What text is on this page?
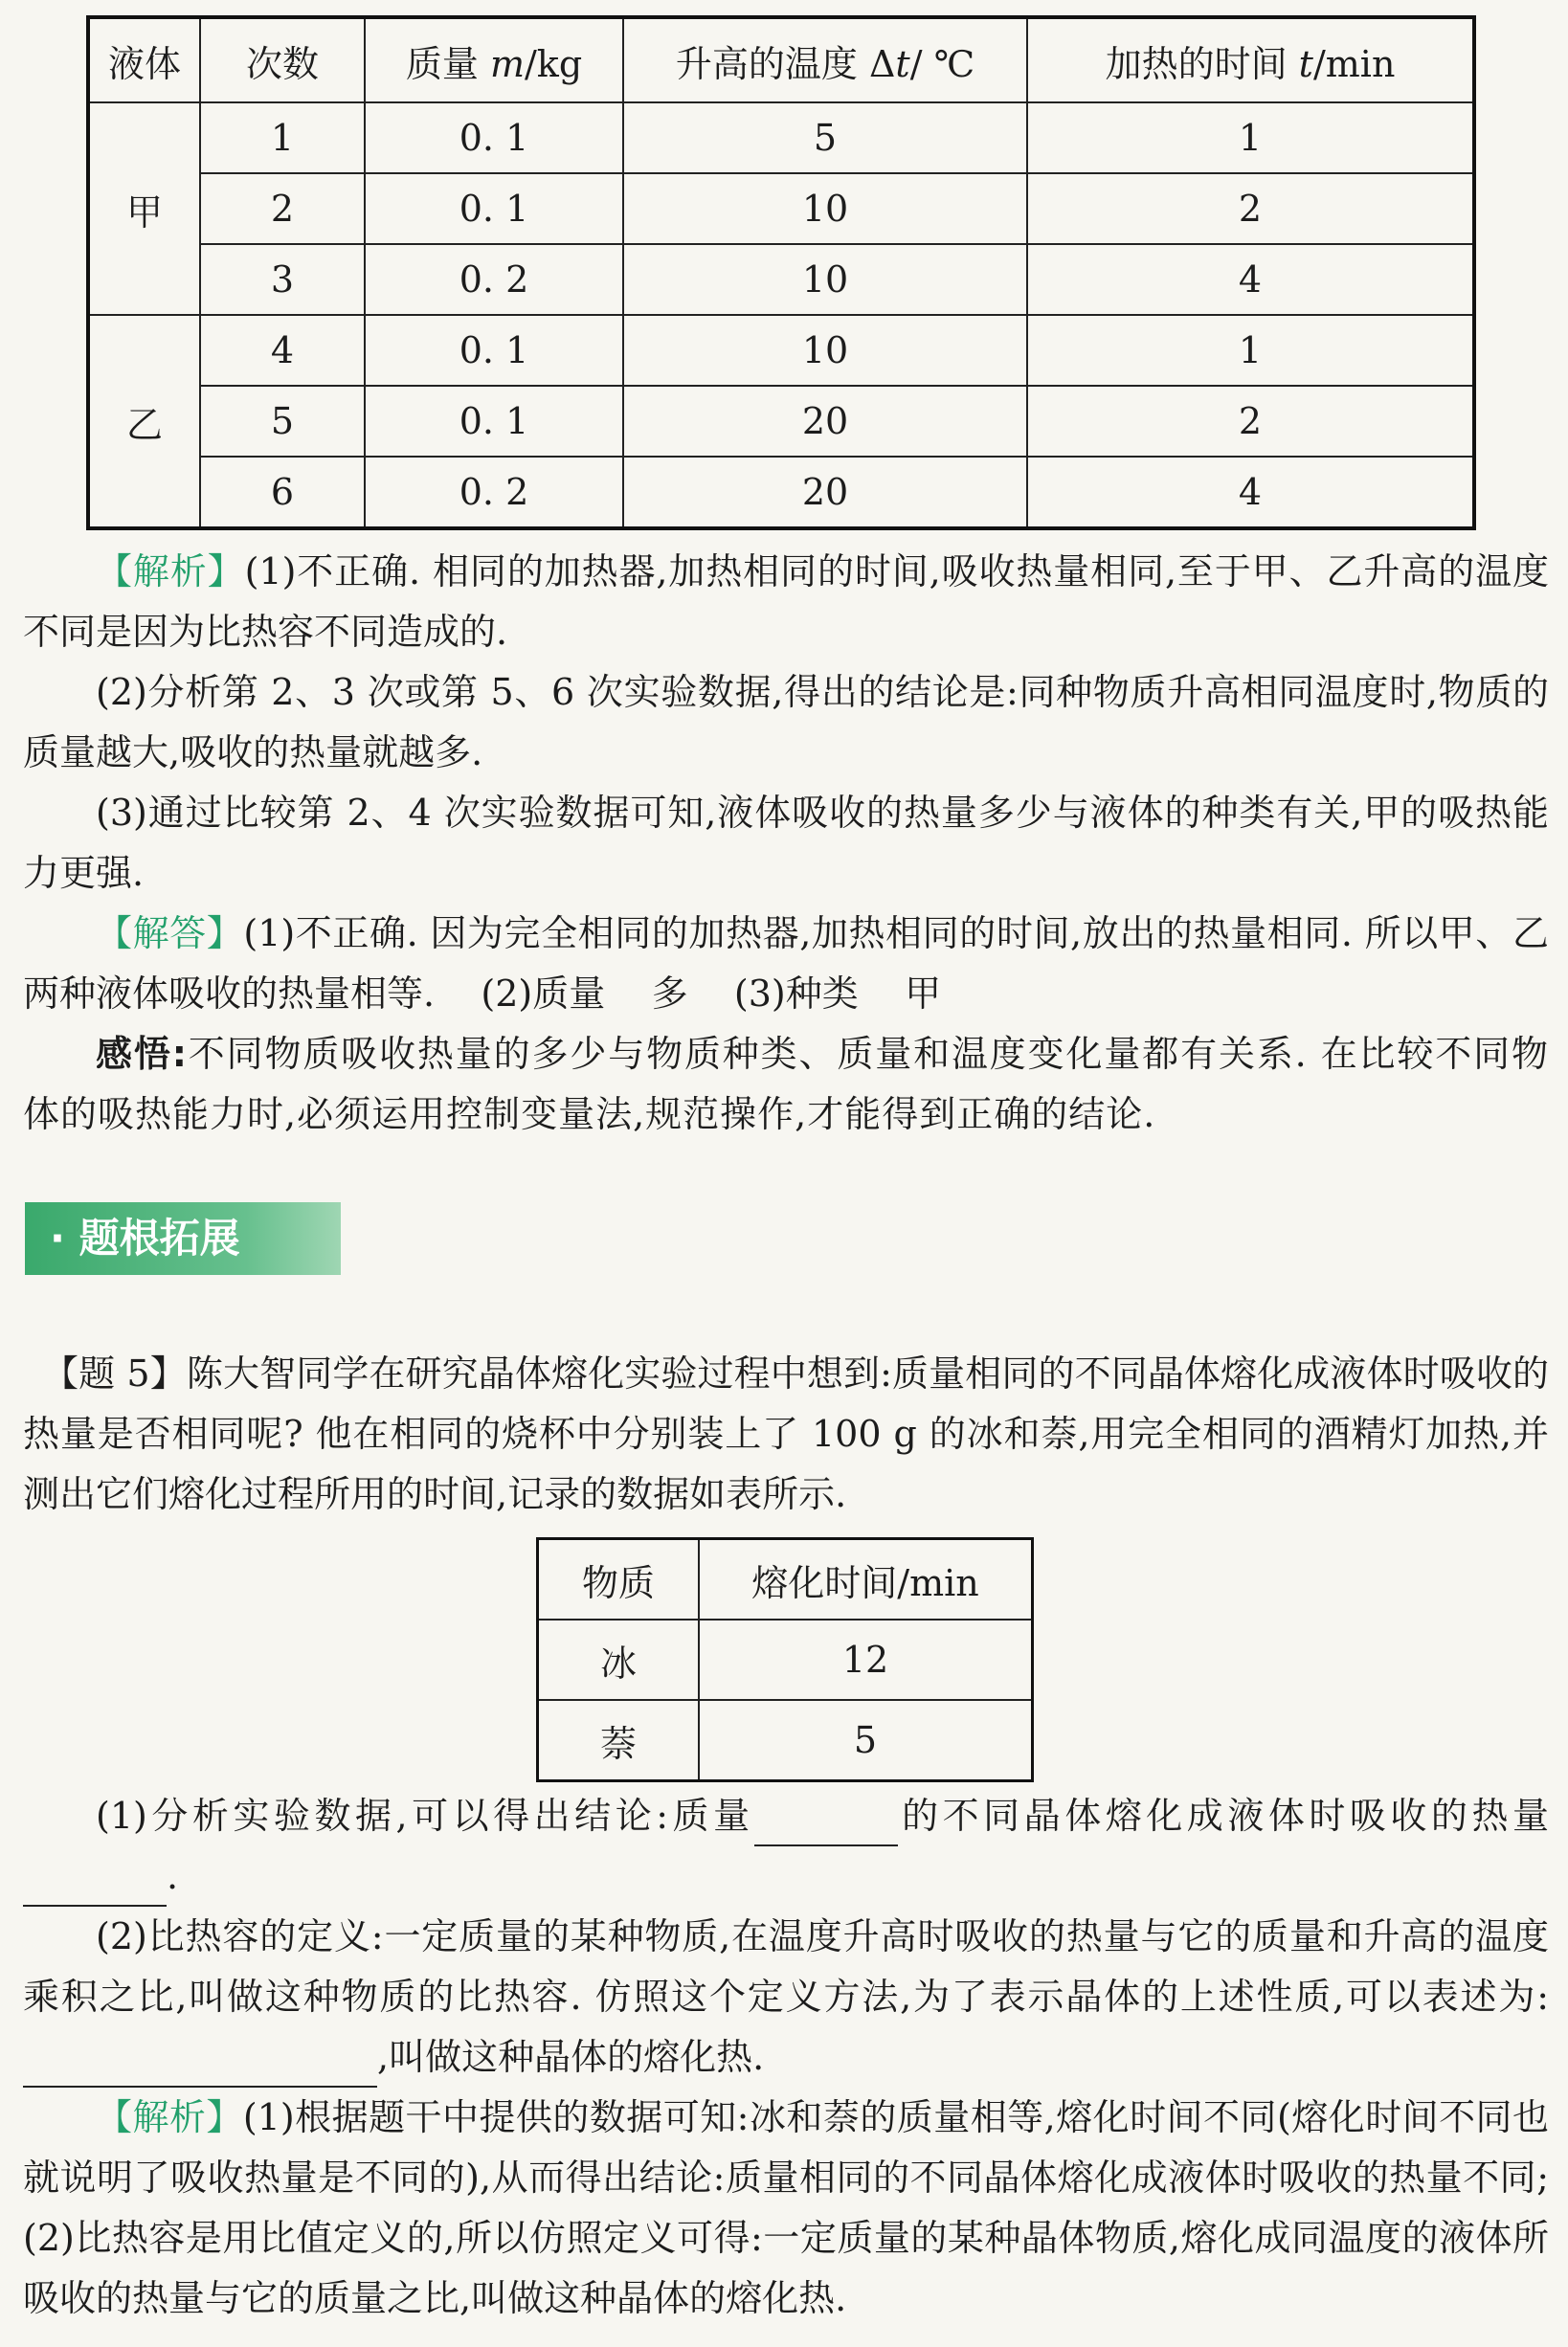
液体	次数	质量 m/kg	升高的温度 Δt/ ℃	加热的时间 t/min
甲	1	0. 1	5	1
	2	0. 1	10	2
	3	0. 2	10	4
乙	4	0. 1	10	1
	5	0. 1	20	2
	6	0. 2	20	4

【解析】(1)不正确. 相同的加热器,加热相同的时间,吸收热量相同,至于甲、乙升高的温度不同是因为比热容不同造成的.

(2)分析第 2、3 次或第 5、6 次实验数据,得出的结论是:同种物质升高相同温度时,物质的质量越大,吸收的热量就越多.

(3)通过比较第 2、4 次实验数据可知,液体吸收的热量多少与液体的种类有关,甲的吸热能力更强.

【解答】(1)不正确. 因为完全相同的加热器,加热相同的时间,放出的热量相同. 所以甲、乙两种液体吸收的热量相等. (2)质量 多 (3)种类 甲

感悟:不同物质吸收热量的多少与物质种类、质量和温度变化量都有关系. 在比较不同物体的吸热能力时,必须运用控制变量法,规范操作,才能得到正确的结论.

· 题根拓展

【题 5】陈大智同学在研究晶体熔化实验过程中想到:质量相同的不同晶体熔化成液体时吸收的热量是否相同呢? 他在相同的烧杯中分别装上了 100 g 的冰和萘,用完全相同的酒精灯加热,并测出它们熔化过程所用的时间,记录的数据如表所示.

物质	熔化时间/min
冰	12
萘	5

(1)分析实验数据,可以得出结论:质量	的不同晶体熔化成液体时吸收的热量.

(2)比热容的定义:一定质量的某种物质,在温度升高时吸收的热量与它的质量和升高的温度乘积之比,叫做这种物质的比热容. 仿照这个定义方法,为了表示晶体的上述性质,可以表述为:,叫做这种晶体的熔化热.

【解析】(1)根据题干中提供的数据可知:冰和萘的质量相等,熔化时间不同(熔化时间不同也就说明了吸收热量是不同的),从而得出结论:质量相同的不同晶体熔化成液体时吸收的热量不同;(2)比热容是用比值定义的,所以仿照定义可得:一定质量的某种晶体物质,熔化成同温度的液体所吸收的热量与它的质量之比,叫做这种晶体的熔化热.
